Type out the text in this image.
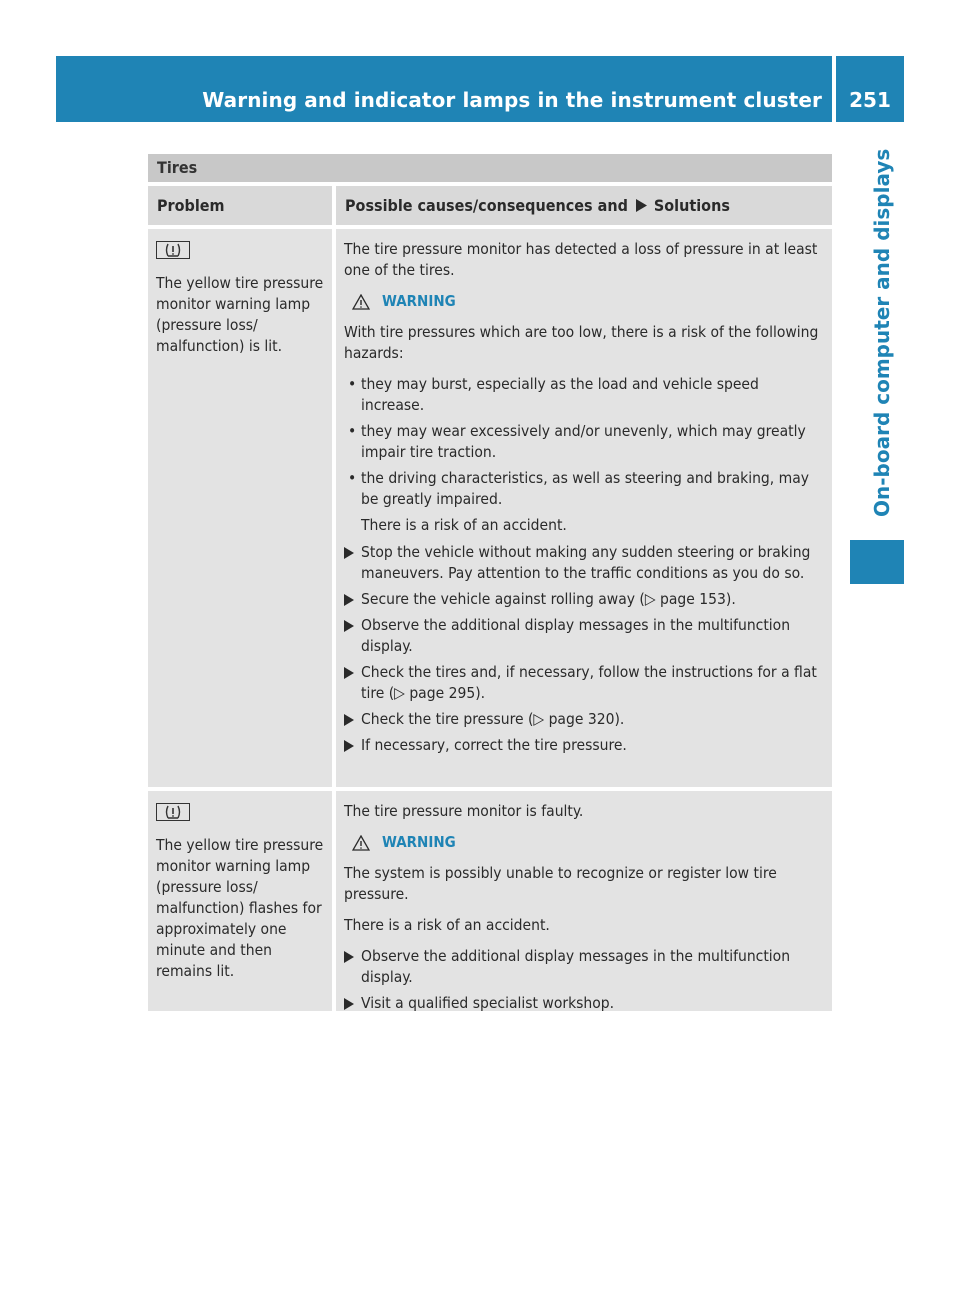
Warning and indicator lamps in the instrument cluster	251
On-board computer and displays
Tires
Problem	Possible causes/consequences and Solutions
The yellow tire pressure monitor warning lamp (pressure loss/ malfunction) is lit.
The tire pressure monitor has detected a loss of pressure in at least one of the tires.
WARNING
With tire pressures which are too low, there is a risk of the following hazards:
• they may burst, especially as the load and vehicle speed increase.
• they may wear excessively and/or unevenly, which may greatly impair tire traction.
• the driving characteristics, as well as steering and braking, may be greatly impaired.
There is a risk of an accident.
Stop the vehicle without making any sudden steering or braking maneuvers. Pay attention to the traffic conditions as you do so.
Secure the vehicle against rolling away (▷ page 153).
Observe the additional display messages in the multifunction display.
Check the tires and, if necessary, follow the instructions for a flat tire (▷ page 295).
Check the tire pressure (▷ page 320).
If necessary, correct the tire pressure.
The yellow tire pressure monitor warning lamp (pressure loss/ malfunction) flashes for approximately one minute and then remains lit.
The tire pressure monitor is faulty.
WARNING
The system is possibly unable to recognize or register low tire pressure.
There is a risk of an accident.
Observe the additional display messages in the multifunction display.
Visit a qualified specialist workshop.
